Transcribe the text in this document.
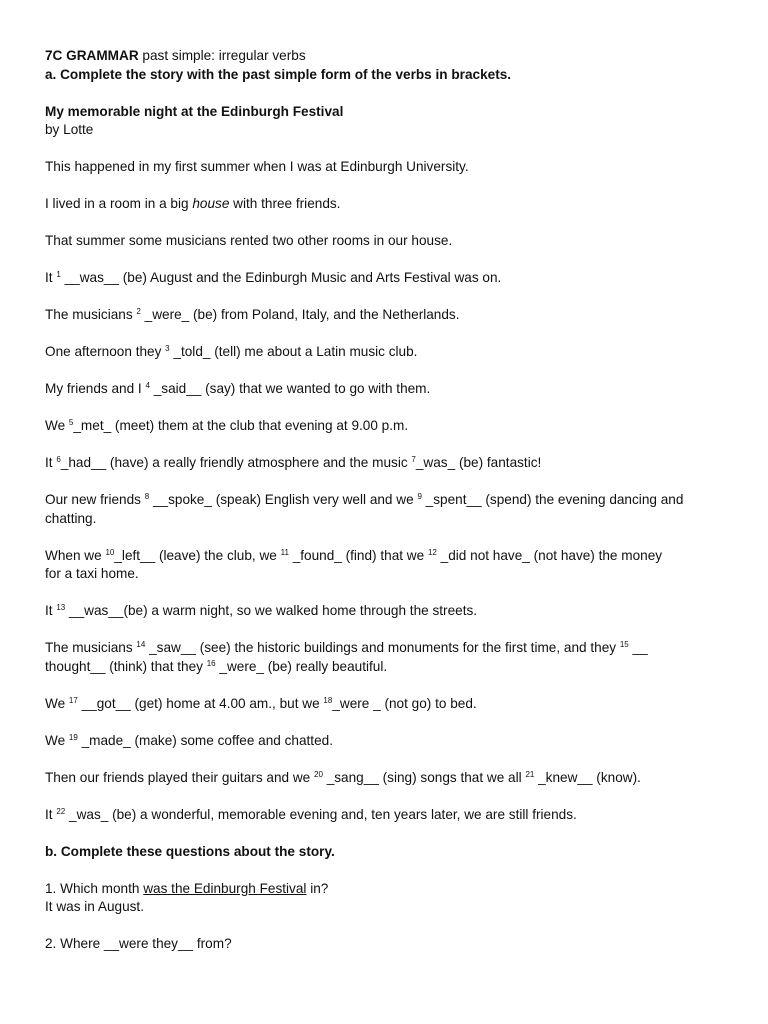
7C GRAMMAR past simple: irregular verbs

a. Complete the story with the past simple form of the verbs in brackets.

My memorable night at the Edinburgh Festival

by Lotte

This happened in my first summer when I was at Edinburgh University.

I lived in a room in a big house with three friends.

That summer some musicians rented two other rooms in our house.

It $^1$ __was__ (be) August and the Edinburgh Music and Arts Festival was on.

The musicians $^2$ _were_ (be) from Poland, Italy, and the Netherlands.

One afternoon they $^3$ _told_ (tell) me about a Latin music club.

My friends and I $^4$ _said__ (say) that we wanted to go with them.

We $^5$_met_ (meet) them at the club that evening at 9.00 p.m.

It $^6$_had__ (have) a really friendly atmosphere and the music $^7$_was_ (be) fantastic!

Our new friends $^8$ __spoke_ (speak) English very well and we $^9$ _spent__ (spend) the evening dancing and

chatting.

When we $^{10}$_left__ (leave) the club, we $^{11}$ _found_ (find) that we $^{12}$ _did not have_ (not have) the money

for a taxi home.

It $^{13}$ __was__(be) a warm night, so we walked home through the streets.

The musicians $^{14}$ _saw__ (see) the historic buildings and monuments for the first time, and they $^{15}$ __

thought__ (think) that they $^{16}$ _were_ (be) really beautiful.

We $^{17}$ __got__ (get) home at 4.00 am., but we $^{18}$_were _ (not go) to bed.

We $^{19}$ _made_ (make) some coffee and chatted.

Then our friends played their guitars and we $^{20}$ _sang__ (sing) songs that we all $^{21}$ _knew__ (know).

It $^{22}$ _was_ (be) a wonderful, memorable evening and, ten years later, we are still friends.

b. Complete these questions about the story.

1. Which month was the Edinburgh Festival in?

It was in August.

2. Where __were they__ from?
